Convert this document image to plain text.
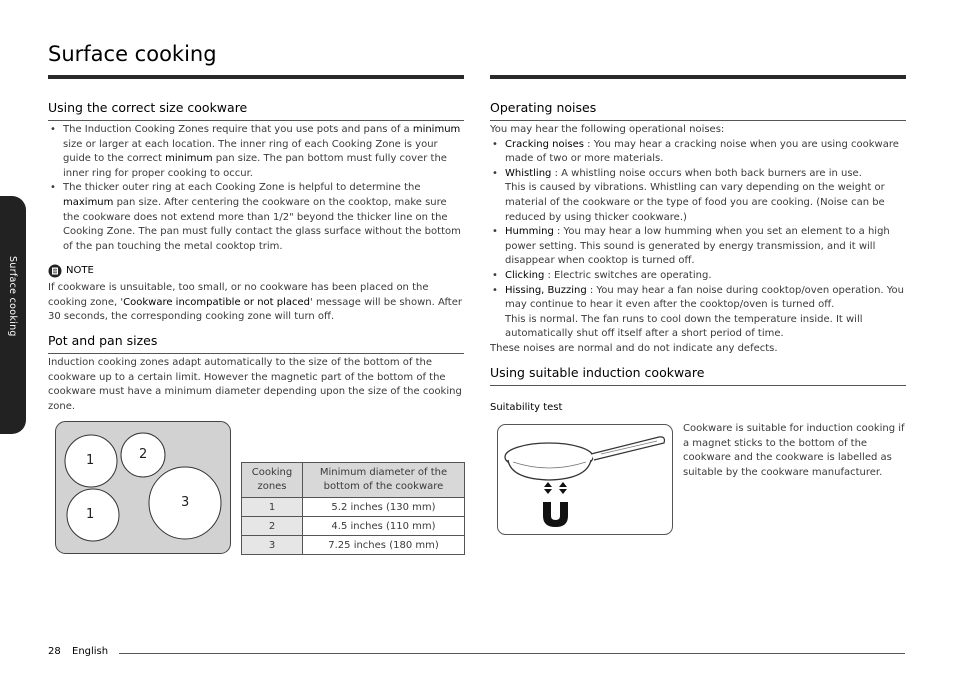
Surface cooking
Surface cooking
Using the correct size cookware
• The Induction Cooking Zones require that you use pots and pans of a minimum size or larger at each location. The inner ring of each Cooking Zone is your guide to the correct minimum pan size. The pan bottom must fully cover the inner ring for proper cooking to occur.
• The thicker outer ring at each Cooking Zone is helpful to determine the maximum pan size. After centering the cookware on the cooktop, make sure the cookware does not extend more than 1/2" beyond the thicker line on the Cooking Zone. The pan must fully contact the glass surface without the bottom of the pan touching the metal cooktop trim.
NOTE

If cookware is unsuitable, too small, or no cookware has been placed on the cooking zone, 'Cookware incompatible or not placed' message will be shown. After 30 seconds, the corresponding cooking zone will turn off.

Pot and pan sizes

Induction cooking zones adapt automatically to the size of the bottom of the cookware up to a certain limit. However the magnetic part of the bottom of the cookware must have a minimum diameter depending upon the size of the cooking zone.

1	2
1
3
Cooking zones	Minimum diameter of the bottom of the cookware
1	5.2 inches (130 mm)
2	4.5 inches (110 mm)
3	7.25 inches (180 mm)
Operating noises
You may hear the following operational noises:
• Cracking noises : You may hear a cracking noise when you are using cookware made of two or more materials.
• Whistling : A whistling noise occurs when both back burners are in use.
This is caused by vibrations. Whistling can vary depending on the weight or material of the cookware or the type of food you are cooking. (Noise can be reduced by using thicker cookware.)
• Humming : You may hear a low humming when you set an element to a high power setting. This sound is generated by energy transmission, and it will disappear when cooktop is turned off.
• Clicking : Electric switches are operating.
• Hissing, Buzzing : You may hear a fan noise during cooktop/oven operation. You may continue to hear it even after the cooktop/oven is turned off.
This is normal. The fan runs to cool down the temperature inside. It will automatically shut off itself after a short period of time.
These noises are normal and do not indicate any defects.
Using suitable induction cookware
Suitability test

Cookware is suitable for induction cooking if a magnet sticks to the bottom of the cookware and the cookware is labelled as suitable by the cookware manufacturer.

28 English
